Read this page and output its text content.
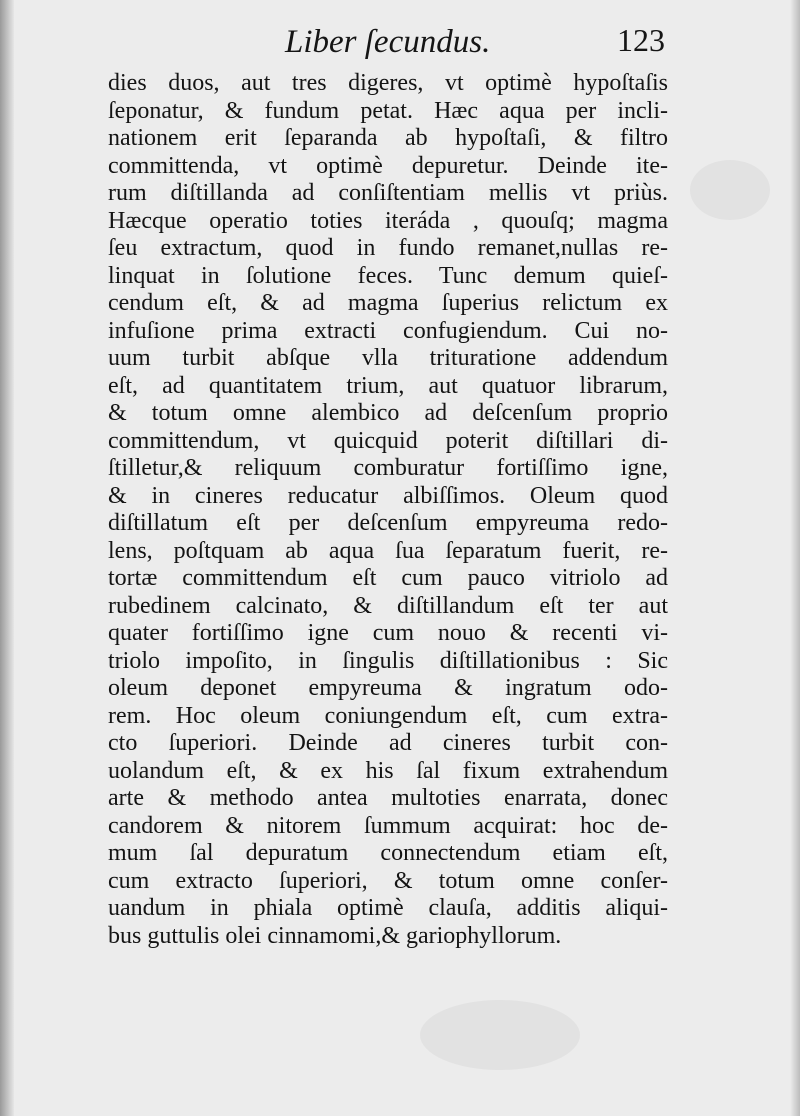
Liber ſecundus.	123
dies duos, aut tres digeres, vt optimè hypoſtaſis
ſeponatur, & fundum petat. Hæc aqua per incli-
nationem erit ſeparanda ab hypoſtaſi, & filtro
committenda, vt optimè depuretur. Deinde ite-
rum diſtillanda ad conſiſtentiam mellis vt priùs.
Hæcque operatio toties iteráda , quouſq; magma
ſeu extractum, quod in fundo remanet,nullas re-
linquat in ſolutione feces. Tunc demum quieſ-
cendum eſt, & ad magma ſuperius relictum ex
infuſione prima extracti confugiendum. Cui no-
uum turbit abſque vlla trituratione addendum
eſt, ad quantitatem trium, aut quatuor librarum,
& totum omne alembico ad deſcenſum proprio
committendum, vt quicquid poterit diſtillari di-
ſtilletur,& reliquum comburatur fortiſſimo igne,
& in cineres reducatur albiſſimos. Oleum quod
diſtillatum eſt per deſcenſum empyreuma redo-
lens, poſtquam ab aqua ſua ſeparatum fuerit, re-
tortæ committendum eſt cum pauco vitriolo ad
rubedinem calcinato, & diſtillandum eſt ter aut
quater fortiſſimo igne cum nouo & recenti vi-
triolo impoſito, in ſingulis diſtillationibus : Sic
oleum deponet empyreuma & ingratum odo-
rem. Hoc oleum coniungendum eſt, cum extra-
cto ſuperiori. Deinde ad cineres turbit con-
uolandum eſt, & ex his ſal fixum extrahendum
arte & methodo antea multoties enarrata, donec
candorem & nitorem ſummum acquirat: hoc de-
mum ſal depuratum connectendum etiam eſt,
cum extracto ſuperiori, & totum omne conſer-
uandum in phiala optimè clauſa, additis aliqui-
bus guttulis olei cinnamomi,& gariophyllorum.
